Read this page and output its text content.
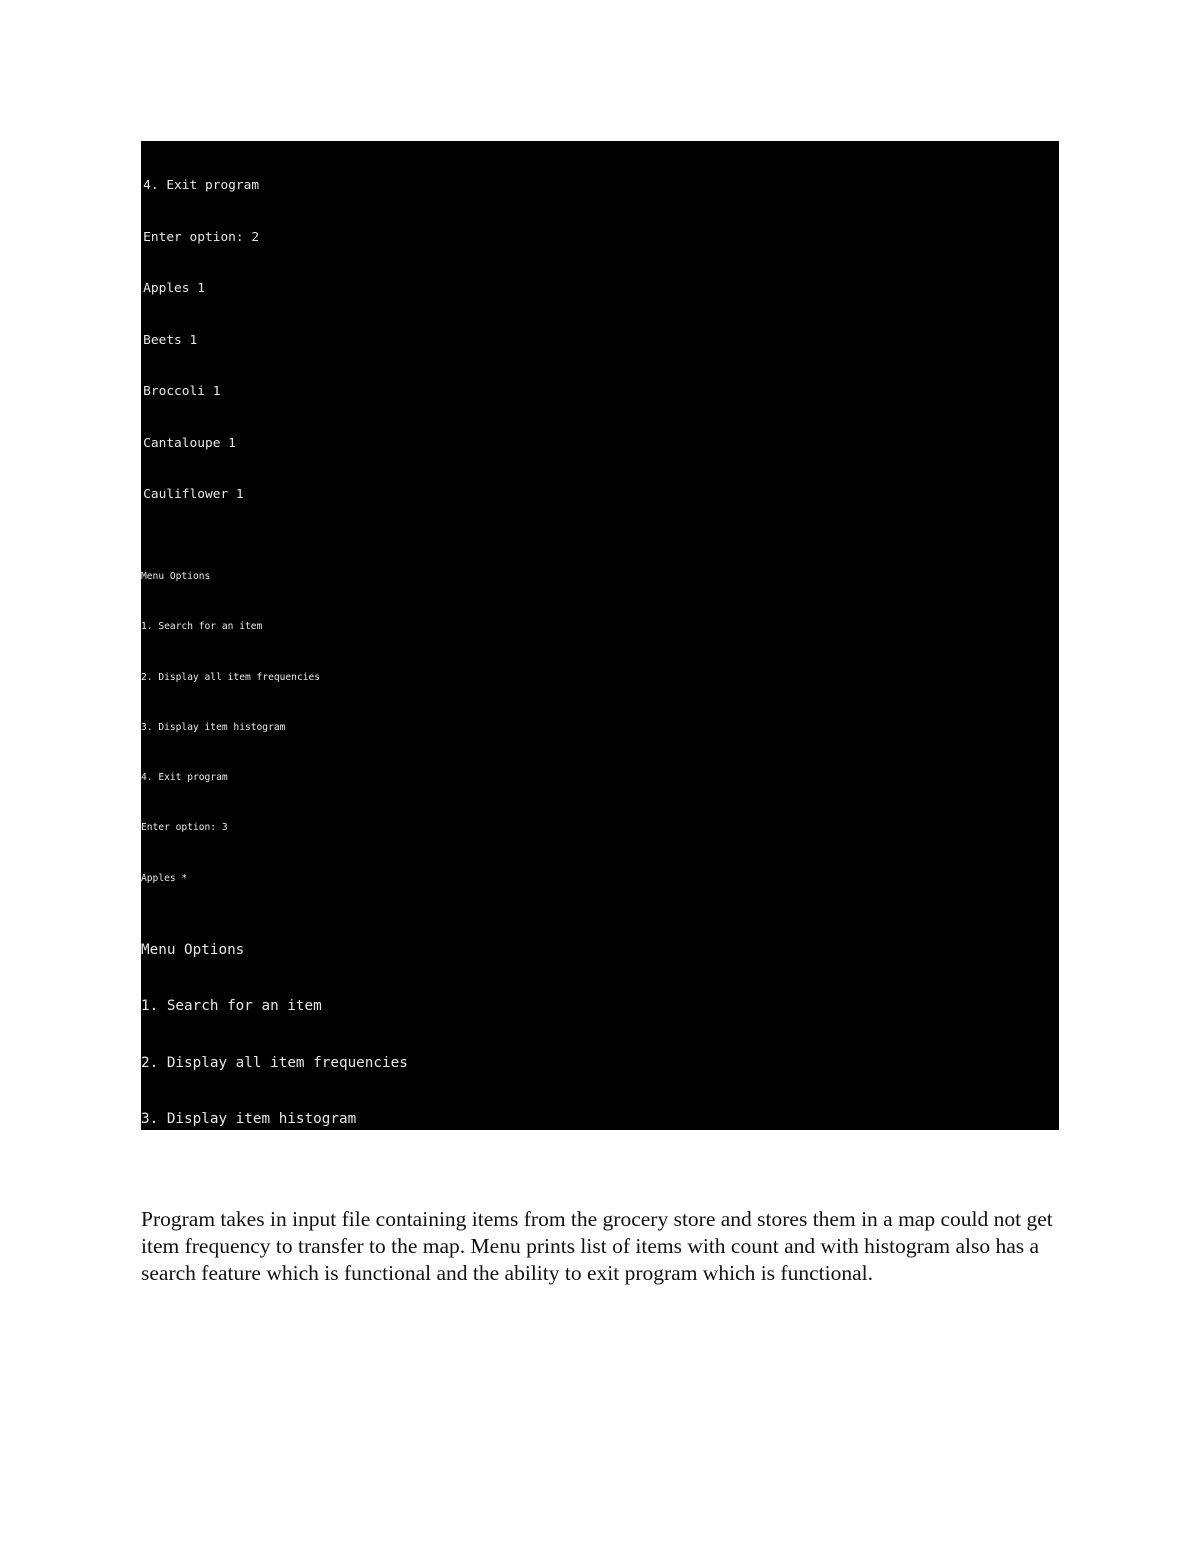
4. Exit program

Enter option: 2

Apples 1

Beets 1

Broccoli 1

Cantaloupe 1

Cauliflower 1

Menu Options

1. Search for an item

2. Display all item frequencies

3. Display item histogram

4. Exit program

Enter option: 3

Apples *

Menu Options

1. Search for an item

2. Display all item frequencies

3. Display item histogram

Program takes in input file containing items from the grocery store and stores them in a map could not get item frequency to transfer to the map. Menu prints list of items with count and with histogram also has a search feature which is functional and the ability to exit program which is functional.
